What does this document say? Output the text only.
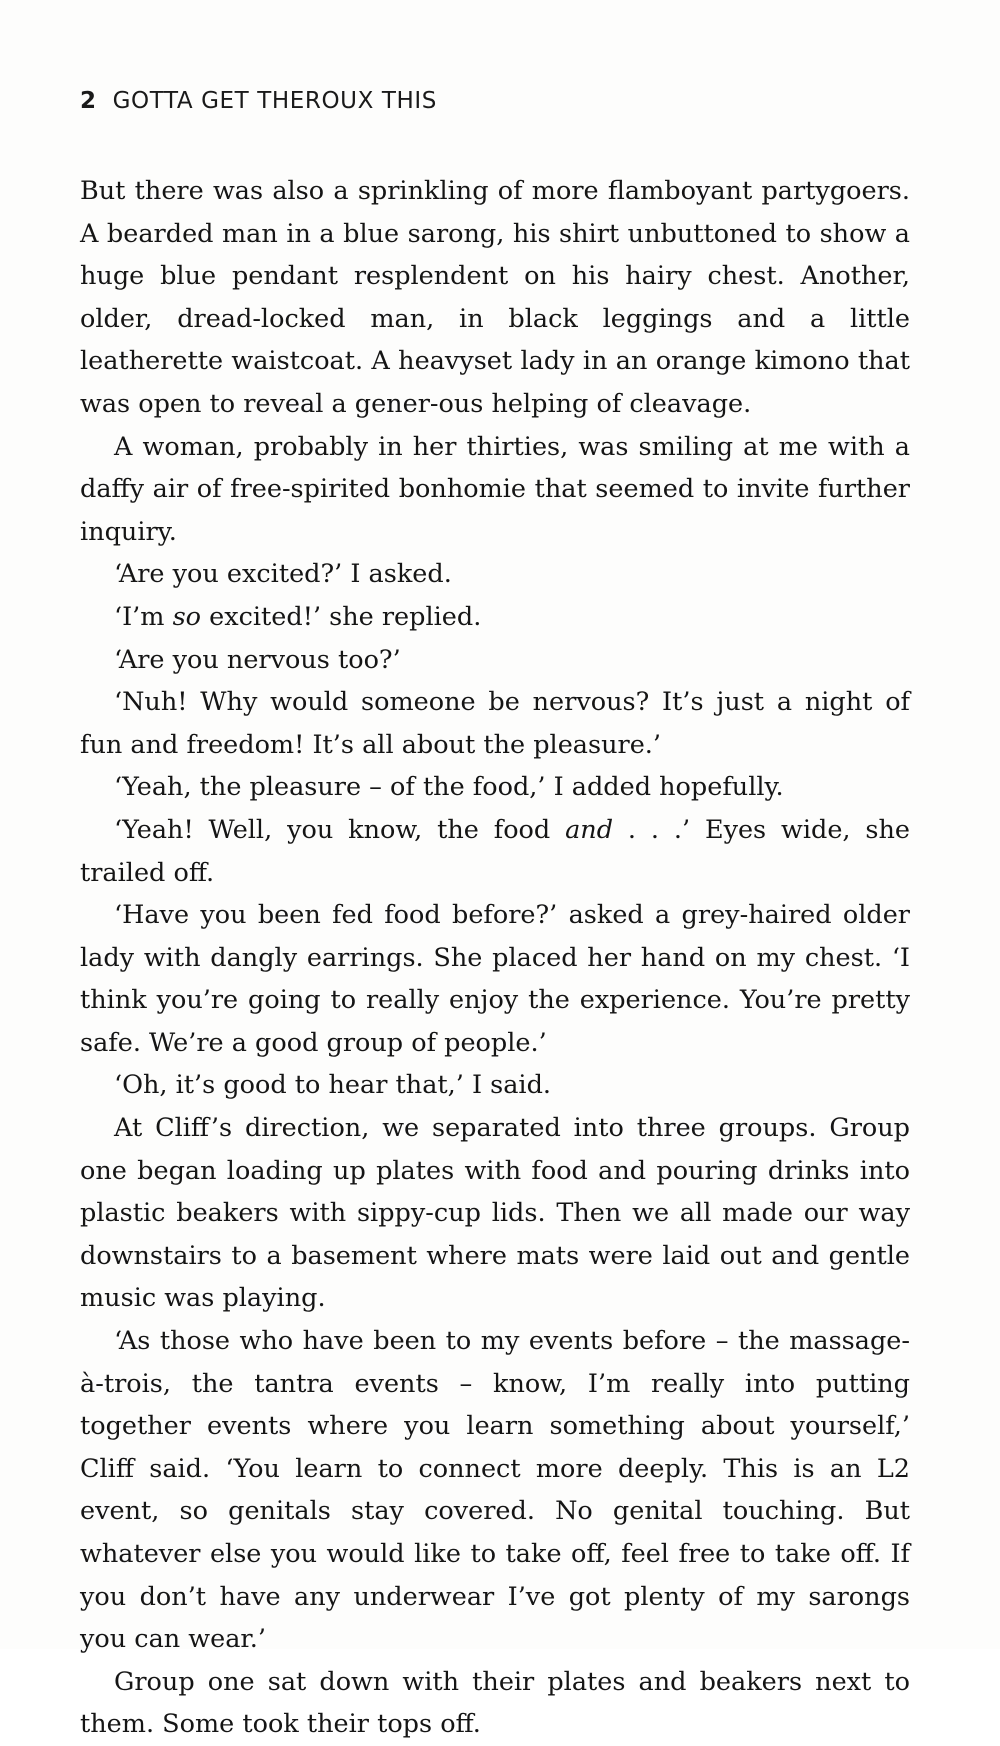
2 GOTTA GET THEROUX THIS

But there was also a sprinkling of more flamboyant partygoers. A bearded man in a blue sarong, his shirt unbuttoned to show a huge blue pendant resplendent on his hairy chest. Another, older, dread-locked man, in black leggings and a little leatherette waistcoat. A heavyset lady in an orange kimono that was open to reveal a gener-ous helping of cleavage.

A woman, probably in her thirties, was smiling at me with a daffy air of free-spirited bonhomie that seemed to invite further inquiry.

‘Are you excited?’ I asked.

‘I’m so excited!’ she replied.

‘Are you nervous too?’

‘Nuh! Why would someone be nervous? It’s just a night of fun and freedom! It’s all about the pleasure.’

‘Yeah, the pleasure – of the food,’ I added hopefully.

‘Yeah! Well, you know, the food and . . .’ Eyes wide, she trailed off.

‘Have you been fed food before?’ asked a grey-haired older lady with dangly earrings. She placed her hand on my chest. ‘I think you’re going to really enjoy the experience. You’re pretty safe. We’re a good group of people.’

‘Oh, it’s good to hear that,’ I said.

At Cliff’s direction, we separated into three groups. Group one began loading up plates with food and pouring drinks into plastic beakers with sippy-cup lids. Then we all made our way downstairs to a basement where mats were laid out and gentle music was playing.

‘As those who have been to my events before – the massage-à-trois, the tantra events – know, I’m really into putting together events where you learn something about yourself,’ Cliff said. ‘You learn to connect more deeply. This is an L2 event, so genitals stay covered. No genital touching. But whatever else you would like to take off, feel free to take off. If you don’t have any underwear I’ve got plenty of my sarongs you can wear.’

Group one sat down with their plates and beakers next to them. Some took their tops off.
